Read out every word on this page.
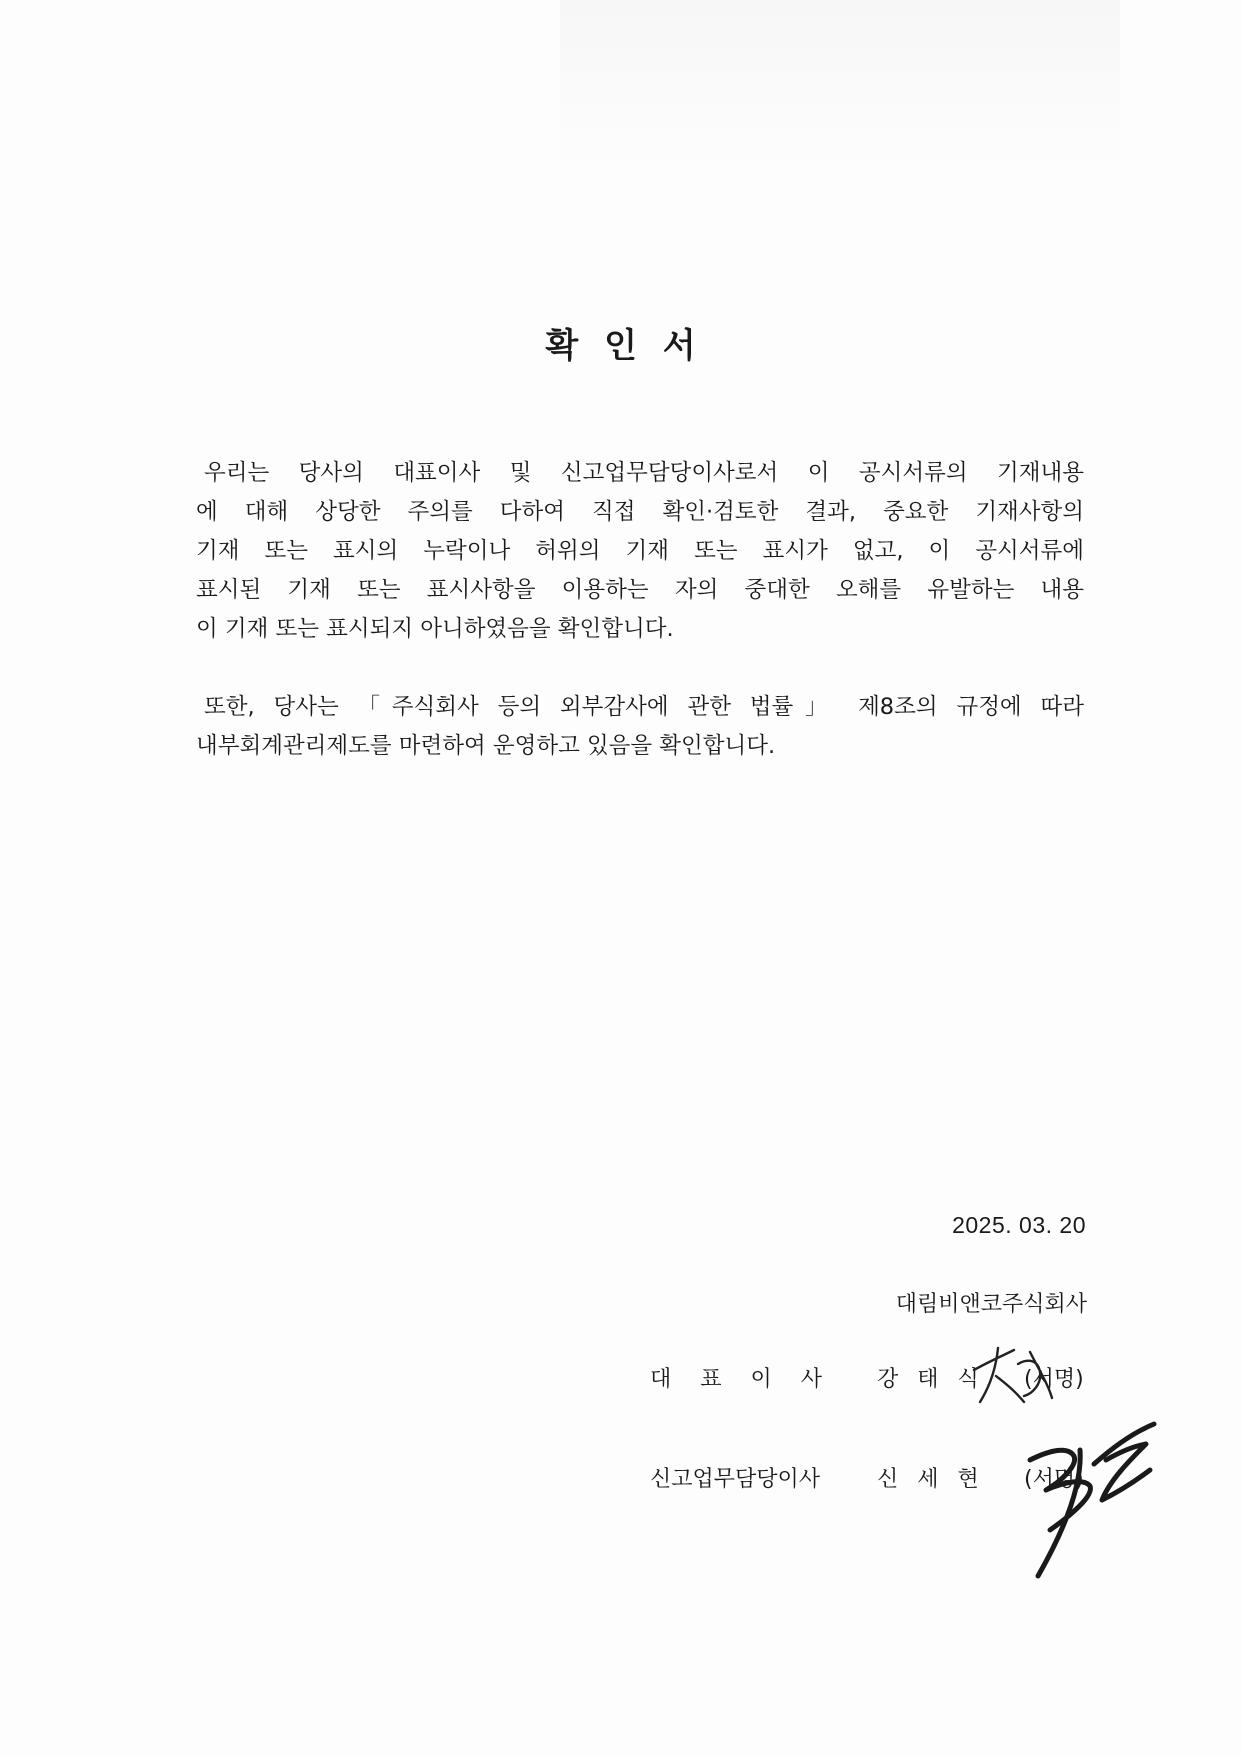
확 인 서
우리는 당사의 대표이사 및 신고업무담당이사로서 이 공시서류의 기재내용
에 대해 상당한 주의를 다하여 직접 확인·검토한 결과, 중요한 기재사항의
기재 또는 표시의 누락이나 허위의 기재 또는 표시가 없고, 이 공시서류에
표시된 기재 또는 표시사항을 이용하는 자의 중대한 오해를 유발하는 내용
이 기재 또는 표시되지 아니하였음을 확인합니다.
또한, 당사는 「주식회사 등의 외부감사에 관한 법률」 제8조의 규정에 따라
내부회계관리제도를 마련하여 운영하고 있음을 확인합니다.
2025. 03. 20
대림비앤코주식회사
대 표 이 사	강 태 식 (서명)
신고업무담당이사	신 세 현 (서명)
